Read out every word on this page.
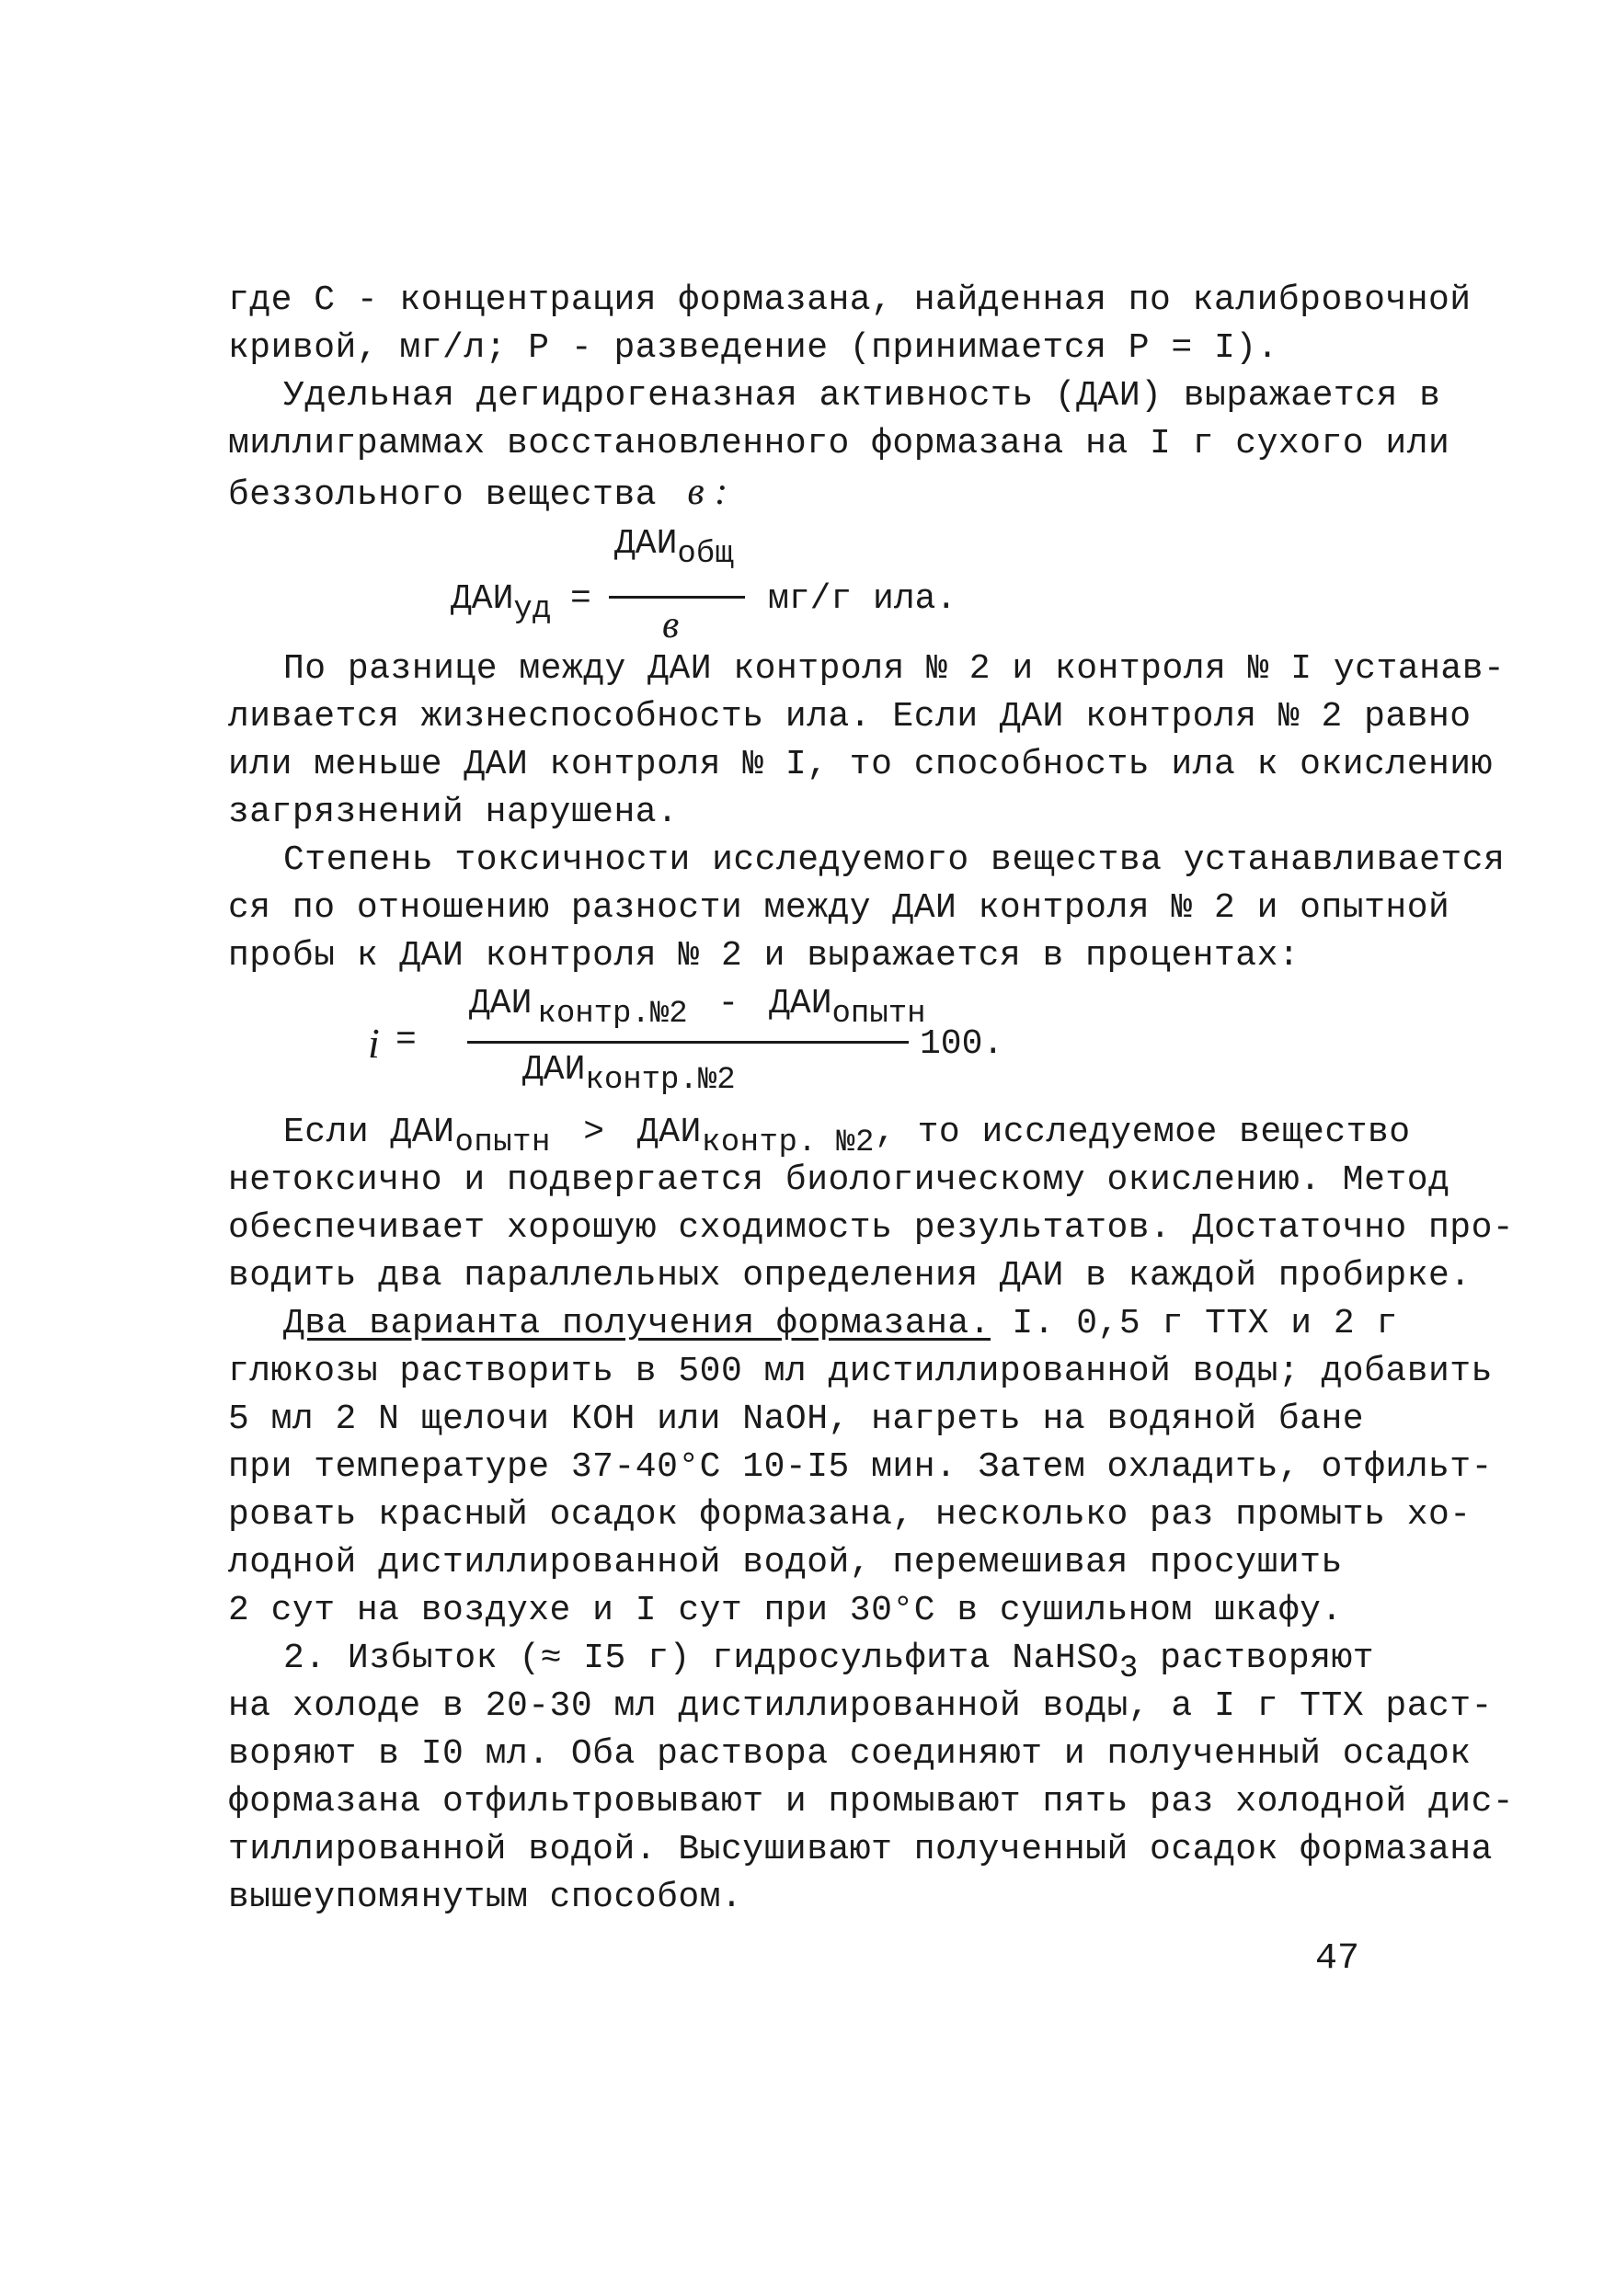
где С - концентрация формазана, найденная по калибровочной
кривой, мг/л; Р - разведение (принимается Р = I).
Удельная дегидрогеназная активность (ДАИ) выражается в
миллиграммах восстановленного формазана на I г сухого или
беззольного вещества в :
ДАИуд =
ДАИобщ
в
мг/г ила.
По разнице между ДАИ контроля № 2 и контроля № I устанав-
ливается жизнеспособность ила. Если ДАИ контроля № 2 равно
или меньше ДАИ контроля № I, то способность ила к окислению
загрязнений нарушена.
Степень токсичности исследуемого вещества устанавливается
ся по отношению разности между ДАИ контроля № 2 и опытной
пробы к ДАИ контроля № 2 и выражается в процентах:
i =
ДАИ контр.№2 - ДАИопытн
ДАИконтр.№2
100.
Если ДАИопытн > ДАИконтр. №2, то исследуемое вещество
нетоксично и подвергается биологическому окислению. Метод
обеспечивает хорошую сходимость результатов. Достаточно про-
водить два параллельных определения ДАИ в каждой пробирке.
Два варианта получения формазана. I. 0,5 г ТТХ и 2 г
глюкозы растворить в 500 мл дистиллированной воды; добавить
5 мл 2 N щелочи КОН или NaOH, нагреть на водяной бане
при температуре 37-40°С 10-I5 мин. Затем охладить, отфильт-
ровать красный осадок формазана, несколько раз промыть хо-
лодной дистиллированной водой, перемешивая просушить
2 сут на воздухе и I сут при 30°С в сушильном шкафу.
2. Избыток (≈ I5 г) гидросульфита NaHSO3 растворяют
на холоде в 20-30 мл дистиллированной воды, а I г ТТХ раст-
воряют в I0 мл. Оба раствора соединяют и полученный осадок
формазана отфильтровывают и промывают пять раз холодной дис-
тиллированной водой. Высушивают полученный осадок формазана
вышеупомянутым способом.
47
